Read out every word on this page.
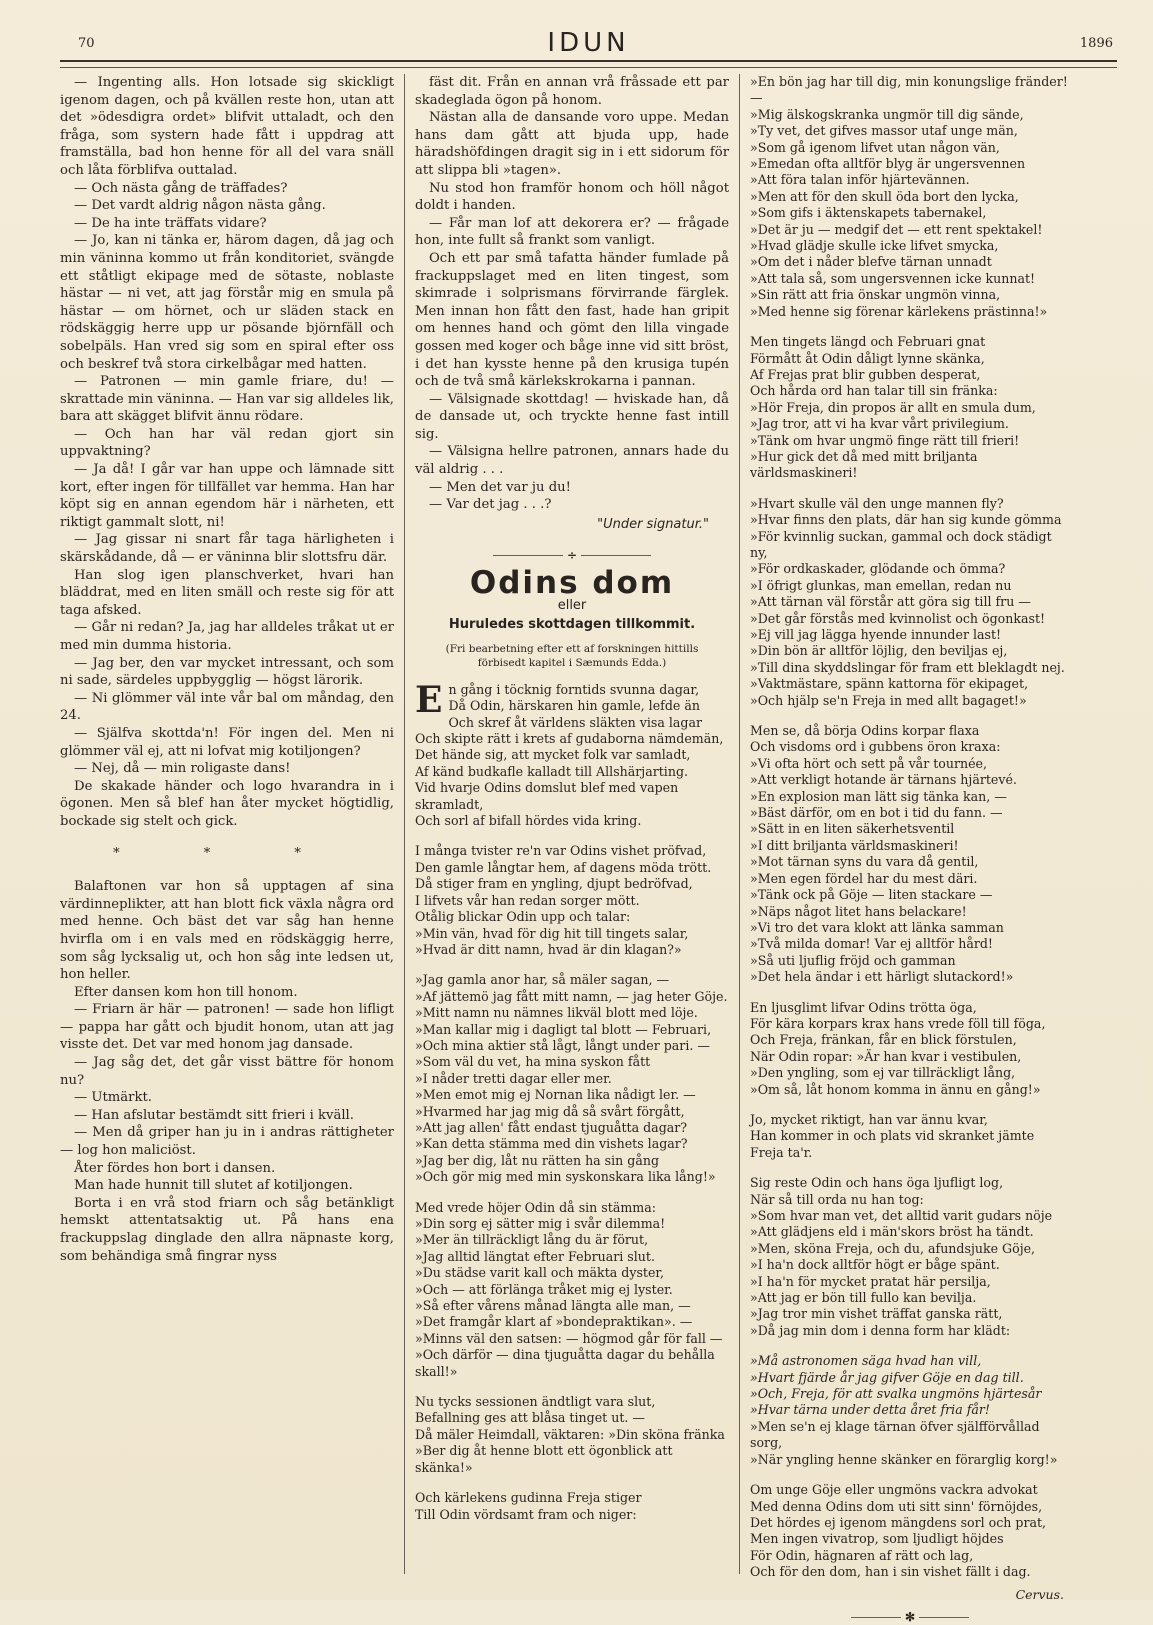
70	IDUN	1896

— Ingenting alls. Hon lotsade sig skickligt igenom dagen, och på kvällen reste hon, utan att det »ödesdigra ordet» blifvit uttaladt, och den fråga, som systern hade fått i uppdrag att framställa, bad hon henne för all del vara snäll och låta förblifva outtalad.

— Och nästa gång de träffades?

— Det vardt aldrig någon nästa gång.

— De ha inte träffats vidare?

— Jo, kan ni tänka er, härom dagen, då jag och min väninna kommo ut från konditoriet, svängde ett ståtligt ekipage med de sötaste, noblaste hästar — ni vet, att jag förstår mig en smula på hästar — om hörnet, och ur släden stack en rödskäggig herre upp ur pösande björnfäll och sobelpäls. Han vred sig som en spiral efter oss och beskref två stora cirkelbågar med hatten.

— Patronen — min gamle friare, du! — skrattade min väninna. — Han var sig alldeles lik, bara att skägget blifvit ännu rödare.

— Och han har väl redan gjort sin uppvaktning?

— Ja då! I går var han uppe och lämnade sitt kort, efter ingen för tillfället var hemma. Han har köpt sig en annan egendom här i närheten, ett riktigt gammalt slott, ni!

— Jag gissar ni snart får taga härligheten i skärskådande, då — er väninna blir slottsfru där.

Han slog igen planschverket, hvari han bläddrat, med en liten smäll och reste sig för att taga afsked.

— Går ni redan? Ja, jag har alldeles tråkat ut er med min dumma historia.

— Jag ber, den var mycket intressant, och som ni sade, särdeles uppbygglig — högst lärorik.

— Ni glömmer väl inte vår bal om måndag, den 24.

— Själfva skottda'n! För ingen del. Men ni glömmer väl ej, att ni lofvat mig kotiljongen?

— Nej, då — min roligaste dans!

De skakade händer och logo hvarandra in i ögonen. Men så blef han åter mycket högtidlig, bockade sig stelt och gick.

* * *

Balaftonen var hon så upptagen af sina värdinneplikter, att han blott fick växla några ord med henne. Och bäst det var såg han henne hvirfla om i en vals med en rödskäggig herre, som såg lycksalig ut, och hon såg inte ledsen ut, hon heller.

Efter dansen kom hon till honom.

— Friarn är här — patronen! — sade hon lifligt — pappa har gått och bjudit honom, utan att jag visste det. Det var med honom jag dansade.

— Jag såg det, det går visst bättre för honom nu?

— Utmärkt.

— Han afslutar bestämdt sitt frieri i kväll.

— Men då griper han ju in i andras rättigheter — log hon maliciöst.

Åter fördes hon bort i dansen.

Man hade hunnit till slutet af kotiljongen.

Borta i en vrå stod friarn och såg betänkligt hemskt attentatsaktig ut. På hans ena frackuppslag dinglade den allra näpnaste korg, som behändiga små fingrar nyss

fäst dit. Från en annan vrå fråssade ett par skadeglada ögon på honom.

Nästan alla de dansande voro uppe. Medan hans dam gått att bjuda upp, hade häradshöfdingen dragit sig in i ett sidorum för att slippa bli »tagen».

Nu stod hon framför honom och höll något doldt i handen.

— Får man lof att dekorera er? — frågade hon, inte fullt så frankt som vanligt.

Och ett par små tafatta händer fumlade på frackuppslaget med en liten tingest, som skimrade i solprismans förvirrande färglek. Men innan hon fått den fast, hade han gripit om hennes hand och gömt den lilla vingade gossen med koger och båge inne vid sitt bröst, i det han kysste henne på den krusiga tupén och de två små kärlekskrokarna i pannan.

— Välsignade skottdag! — hviskade han, då de dansade ut, och tryckte henne fast intill sig.

— Välsigna hellre patronen, annars hade du väl aldrig . . .

— Men det var ju du!

— Var det jag . . .?

"Under signatur."
÷
Odins dom
eller
Huruledes skottdagen tillkommit.
(Fri bearbetning efter ett af forskningen hittills förbisedt kapitel i Sæmunds Edda.)
E n gång i töcknig forntids svunna dagar,
Då Odin, härskaren hin gamle, lefde än
Och skref åt världens släkten visa lagar
Och skipte rätt i krets af gudaborna nämdemän,
Det hände sig, att mycket folk var samladt,
Af känd budkafle kalladt till Allshärjarting.
Vid hvarje Odins domslut blef med vapen skramladt,
Och sorl af bifall hördes vida kring.
I många tvister re'n var Odins vishet pröfvad,
Den gamle långtar hem, af dagens möda trött.
Då stiger fram en yngling, djupt bedröfvad,
I lifvets vår han redan sorger mött.
Otålig blickar Odin upp och talar:
»Min vän, hvad för dig hit till tingets salar,
»Hvad är ditt namn, hvad är din klagan?»
»Jag gamla anor har, så mäler sagan, —
»Af jättemö jag fått mitt namn, — jag heter Göje.
»Mitt namn nu nämnes likväl blott med löje.
»Man kallar mig i dagligt tal blott — Februari,
»Och mina aktier stå lågt, långt under pari. —
»Som väl du vet, ha mina syskon fått
»I nåder tretti dagar eller mer.
»Men emot mig ej Nornan lika nådigt ler. —
»Hvarmed har jag mig då så svårt förgått,
»Att jag allen' fått endast tjuguåtta dagar?
»Kan detta stämma med din vishets lagar?
»Jag ber dig, låt nu rätten ha sin gång
»Och gör mig med min syskonskara lika lång!»
Med vrede höjer Odin då sin stämma:
»Din sorg ej sätter mig i svår dilemma!
»Mer än tillräckligt lång du är förut,
»Jag alltid längtat efter Februari slut.
»Du städse varit kall och mäkta dyster,
»Och — att förlänga tråket mig ej lyster.
»Så efter vårens månad längta alle man, —
»Det framgår klart af »bondepraktikan». —
»Minns väl den satsen: — högmod går för fall —
»Och därför — dina tjuguåtta dagar du behålla skall!»
Nu tycks sessionen ändtligt vara slut,
Befallning ges att blåsa tinget ut. —
Då mäler Heimdall, väktaren: »Din sköna fränka
»Ber dig åt henne blott ett ögonblick att skänka!»
Och kärlekens gudinna Freja stiger
Till Odin vördsamt fram och niger:
»En bön jag har till dig, min konungslige fränder! —
»Mig älskogskranka ungmör till dig sände,
»Ty vet, det gifves massor utaf unge män,
»Som gå igenom lifvet utan någon vän,
»Emedan ofta alltför blyg är ungersvennen
»Att föra talan inför hjärtevännen.
»Men att för den skull öda bort den lycka,
»Som gifs i äktenskapets tabernakel,
»Det är ju — medgif det — ett rent spektakel!
»Hvad glädje skulle icke lifvet smycka,
»Om det i nåder blefve tärnan unnadt
»Att tala så, som ungersvennen icke kunnat!
»Sin rätt att fria önskar ungmön vinna,
»Med henne sig förenar kärlekens prästinna!»
Men tingets längd och Februari gnat
Förmått åt Odin dåligt lynne skänka,
Af Frejas prat blir gubben desperat,
Och hårda ord han talar till sin fränka:
»Hör Freja, din propos är allt en smula dum,
»Jag tror, att vi ha kvar vårt privilegium.
»Tänk om hvar ungmö finge rätt till frieri!
»Hur gick det då med mitt briljanta världsmaskineri!
»Hvart skulle väl den unge mannen fly?
»Hvar finns den plats, där han sig kunde gömma
»För kvinnlig suckan, gammal och dock städigt ny,
»För ordkaskader, glödande och ömma?
»I öfrigt glunkas, man emellan, redan nu
»Att tärnan väl förstår att göra sig till fru —
»Det går förstås med kvinnolist och ögonkast!
»Ej vill jag lägga hyende innunder last!
»Din bön är alltför löjlig, den beviljas ej,
»Till dina skyddslingar för fram ett bleklagdt nej.
»Vaktmästare, spänn kattorna för ekipaget,
»Och hjälp se'n Freja in med allt bagaget!»
Men se, då börja Odins korpar flaxa
Och visdoms ord i gubbens öron kraxa:
»Vi ofta hört och sett på vår tournée,
»Att verkligt hotande är tärnans hjärtevé.
»En explosion man lätt sig tänka kan, —
»Bäst därför, om en bot i tid du fann. —
»Sätt in en liten säkerhetsventil
»I ditt briljanta världsmaskineri!
»Mot tärnan syns du vara då gentil,
»Men egen fördel har du mest däri.
»Tänk ock på Göje — liten stackare —
»Näps något litet hans belackare!
»Vi tro det vara klokt att länka samman
»Två milda domar! Var ej alltför hård!
»Så uti ljuflig fröjd och gamman
»Det hela ändar i ett härligt slutackord!»
En ljusglimt lifvar Odins trötta öga,
För kära korpars krax hans vrede föll till föga,
Och Freja, fränkan, får en blick förstulen,
När Odin ropar: »Är han kvar i vestibulen,
»Den yngling, som ej var tillräckligt lång,
»Om så, låt honom komma in ännu en gång!»
Jo, mycket riktigt, han var ännu kvar,
Han kommer in och plats vid skranket jämte Freja ta'r.
Sig reste Odin och hans öga ljufligt log,
När så till orda nu han tog:
»Som hvar man vet, det alltid varit gudars nöje
»Att glädjens eld i män'skors bröst ha tändt.
»Men, sköna Freja, och du, afundsjuke Göje,
»I ha'n dock alltför högt er båge spänt.
»I ha'n för mycket pratat här persilja,
»Att jag er bön till fullo kan bevilja.
»Jag tror min vishet träffat ganska rätt,
»Då jag min dom i denna form har klädt:
»Må astronomen säga hvad han vill,
»Hvart fjärde år jag gifver Göje en dag till.
»Och, Freja, för att svalka ungmöns hjärtesår
»Hvar tärna under detta året fria får!
»Men se'n ej klage tärnan öfver själfförvållad sorg,
»När yngling henne skänker en förarglig korg!»
Om unge Göje eller ungmöns vackra advokat
Med denna Odins dom uti sitt sinn' förnöjdes,
Det hördes ej igenom mängdens sorl och prat,
Men ingen vivatrop, som ljudligt höjdes
För Odin, hägnaren af rätt och lag,
Och för den dom, han i sin vishet fällt i dag.
Cervus.
✻
